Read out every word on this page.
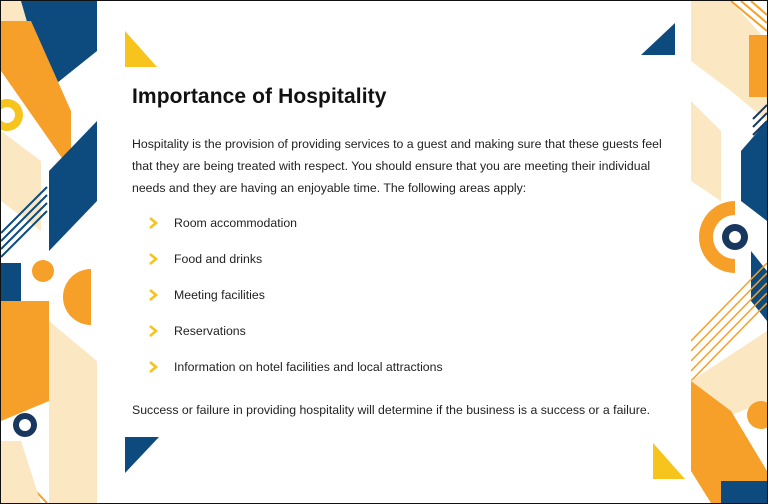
Importance of Hospitality

Hospitality is the provision of providing services to a guest and making sure that these guests feel that they are being treated with respect. You should ensure that you are meeting their individual needs and they are having an enjoyable time. The following areas apply:

Room accommodation
Food and drinks
Meeting facilities
Reservations
Information on hotel facilities and local attractions

Success or failure in providing hospitality will determine if the business is a success or a failure.
